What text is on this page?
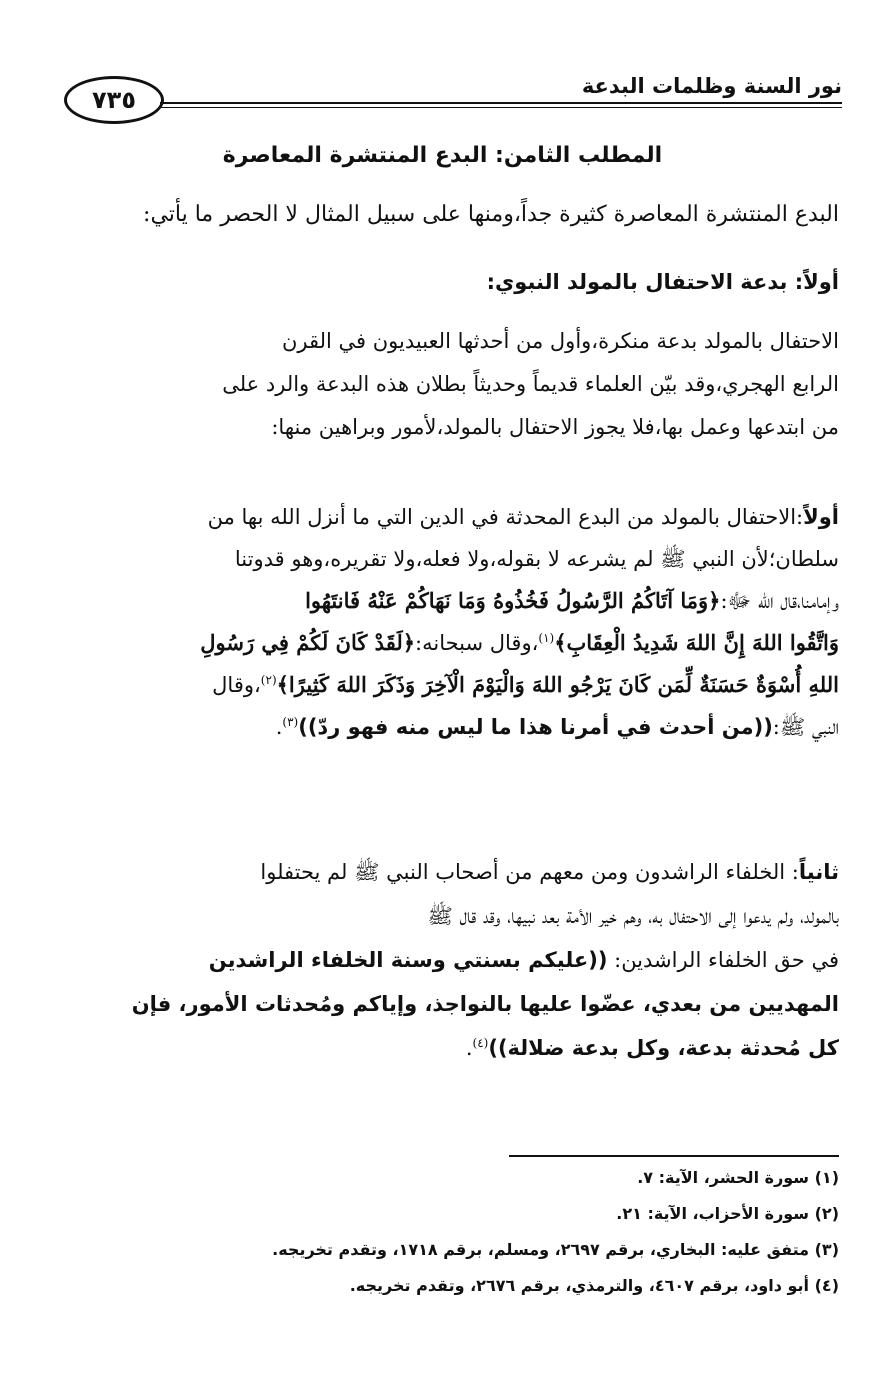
نور السنة وظلمات البدعة
٧٣٥
المطلب الثامن: البدع المنتشرة المعاصرة
البدع المنتشرة المعاصرة كثيرة جداً،ومنها على سبيل المثال لا الحصر ما يأتي:
أولاً: بدعة الاحتفال بالمولد النبوي:
الاحتفال بالمولد بدعة منكرة،وأول من أحدثها العبيديون في القرن
الرابع الهجري،وقد بيّن العلماء قديماً وحديثاً بطلان هذه البدعة والرد على
من ابتدعها وعمل بها،فلا يجوز الاحتفال بالمولد،لأمور وبراهين منها:
أولاً:الاحتفال بالمولد من البدع المحدثة في الدين التي ما أنزل الله بها من
سلطان؛لأن النبي ﷺ لم يشرعه لا بقوله،ولا فعله،ولا تقريره،وهو قدوتنا
وإمامنا،قال الله ﷻ:﴿وَمَا آتَاكُمُ الرَّسُولُ فَخُذُوهُ وَمَا نَهَاكُمْ عَنْهُ فَانتَهُوا
وَاتَّقُوا اللهَ إِنَّ اللهَ شَدِيدُ الْعِقَابِ﴾$^{(١)}$،وقال سبحانه:﴿لَقَدْ كَانَ لَكُمْ فِي رَسُولِ
اللهِ أُسْوَةٌ حَسَنَةٌ لِّمَن كَانَ يَرْجُو اللهَ وَالْيَوْمَ الْآخِرَ وَذَكَرَ اللهَ كَثِيرًا﴾$^{(٢)}$،وقال
النبي ﷺ:((من أحدث في أمرنا هذا ما ليس منه فهو ردّ))$^{(٣)}$.
ثانياً: الخلفاء الراشدون ومن معهم من أصحاب النبي ﷺ لم يحتفلوا
بالمولد، ولم يدعوا إلى الاحتفال به، وهم خير الأمة بعد نبيها، وقد قال ﷺ
في حق الخلفاء الراشدين: ((عليكم بسنتي وسنة الخلفاء الراشدين
المهديين من بعدي، عضّوا عليها بالنواجذ، وإياكم ومُحدثات الأمور، فإن
كل مُحدثة بدعة، وكل بدعة ضلالة))$^{(٤)}$.
(١) سورة الحشر، الآية: ٧.
(٢) سورة الأحزاب، الآية: ٢١.
(٣) متفق عليه: البخاري، برقم ٢٦٩٧، ومسلم، برقم ١٧١٨، وتقدم تخريجه.
(٤) أبو داود، برقم ٤٦٠٧، والترمذي، برقم ٢٦٧٦، وتقدم تخريجه.
